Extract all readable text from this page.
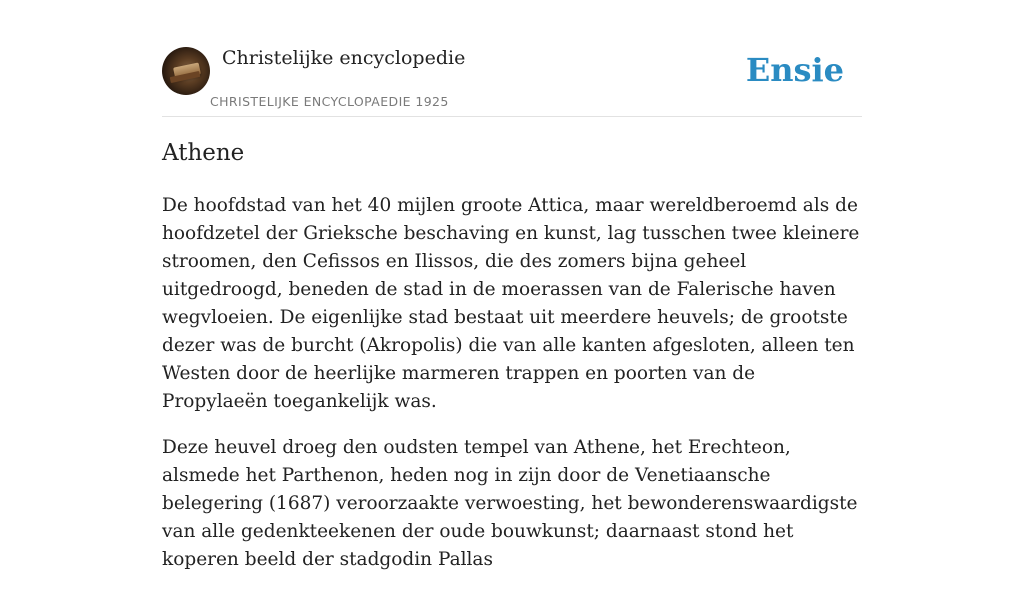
Christelijke encyclopedie
CHRISTELIJKE ENCYCLOPAEDIE 1925
Ensie
Athene

De hoofdstad van het 40 mijlen groote Attica, maar wereldberoemd als de hoofdzetel der Grieksche beschaving en kunst, lag tusschen twee kleinere stroomen, den Cefissos en Ilissos, die des zomers bijna geheel uitgedroogd, beneden de stad in de moerassen van de Falerische haven wegvloeien. De eigenlijke stad bestaat uit meerdere heuvels; de grootste dezer was de burcht (Akropolis) die van alle kanten afgesloten, alleen ten Westen door de heerlijke marmeren trappen en poorten van de Propylaeën toegankelijk was.

Deze heuvel droeg den oudsten tempel van Athene, het Erechteon, alsmede het Parthenon, heden nog in zijn door de Venetiaansche belegering (1687) veroorzaakte verwoesting, het bewonderenswaardigste van alle gedenkteekenen der oude bouwkunst; daarnaast stond het koperen beeld der stadgodin Pallas
